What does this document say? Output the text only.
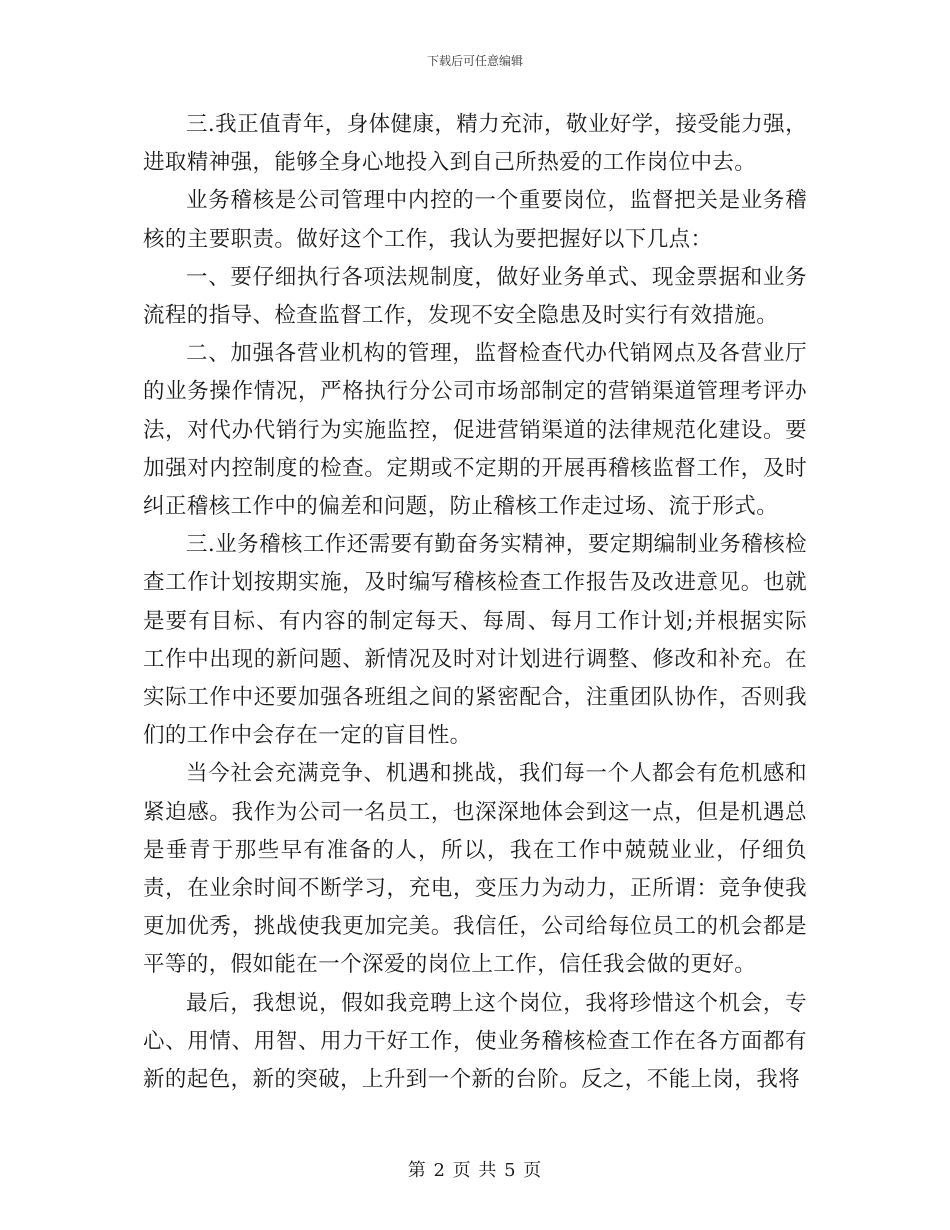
下载后可任意编辑

三.我正值青年，身体健康，精力充沛，敬业好学，接受能力强，进取精神强，能够全身心地投入到自己所热爱的工作岗位中去。

业务稽核是公司管理中内控的一个重要岗位，监督把关是业务稽核的主要职责。做好这个工作，我认为要把握好以下几点：

一、要仔细执行各项法规制度，做好业务单式、现金票据和业务流程的指导、检查监督工作，发现不安全隐患及时实行有效措施。

二、加强各营业机构的管理，监督检查代办代销网点及各营业厅的业务操作情况，严格执行分公司市场部制定的营销渠道管理考评办法，对代办代销行为实施监控，促进营销渠道的法律规范化建设。要加强对内控制度的检查。定期或不定期的开展再稽核监督工作，及时纠正稽核工作中的偏差和问题，防止稽核工作走过场、流于形式。

三.业务稽核工作还需要有勤奋务实精神，要定期编制业务稽核检查工作计划按期实施，及时编写稽核检查工作报告及改进意见。也就是要有目标、有内容的制定每天、每周、每月工作计划;并根据实际工作中出现的新问题、新情况及时对计划进行调整、修改和补充。在实际工作中还要加强各班组之间的紧密配合，注重团队协作，否则我们的工作中会存在一定的盲目性。

当今社会充满竞争、机遇和挑战，我们每一个人都会有危机感和紧迫感。我作为公司一名员工，也深深地体会到这一点，但是机遇总是垂青于那些早有准备的人，所以，我在工作中兢兢业业，仔细负责，在业余时间不断学习，充电，变压力为动力，正所谓：竞争使我更加优秀，挑战使我更加完美。我信任，公司给每位员工的机会都是平等的，假如能在一个深爱的岗位上工作，信任我会做的更好。

最后，我想说，假如我竞聘上这个岗位，我将珍惜这个机会，专心、用情、用智、用力干好工作，使业务稽核检查工作在各方面都有新的起色，新的突破，上升到一个新的台阶。反之，不能上岗，我将

第 2 页 共 5 页
